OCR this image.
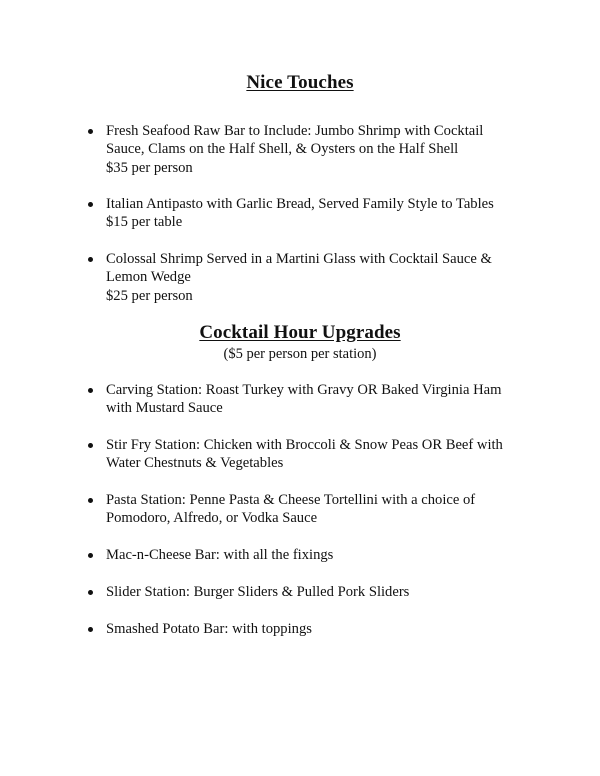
Nice Touches
Fresh Seafood Raw Bar to Include: Jumbo Shrimp with Cocktail
Sauce, Clams on the Half Shell, & Oysters on the Half Shell
$35 per person
Italian Antipasto with Garlic Bread, Served Family Style to Tables
$15 per table
Colossal Shrimp Served in a Martini Glass with Cocktail Sauce &
Lemon Wedge
$25 per person
Cocktail Hour Upgrades
($5 per person per station)
Carving Station: Roast Turkey with Gravy OR Baked Virginia Ham
with Mustard Sauce
Stir Fry Station: Chicken with Broccoli & Snow Peas OR Beef with
Water Chestnuts & Vegetables
Pasta Station: Penne Pasta & Cheese Tortellini with a choice of
Pomodoro, Alfredo, or Vodka Sauce
Mac-n-Cheese Bar: with all the fixings
Slider Station: Burger Sliders & Pulled Pork Sliders
Smashed Potato Bar: with toppings
